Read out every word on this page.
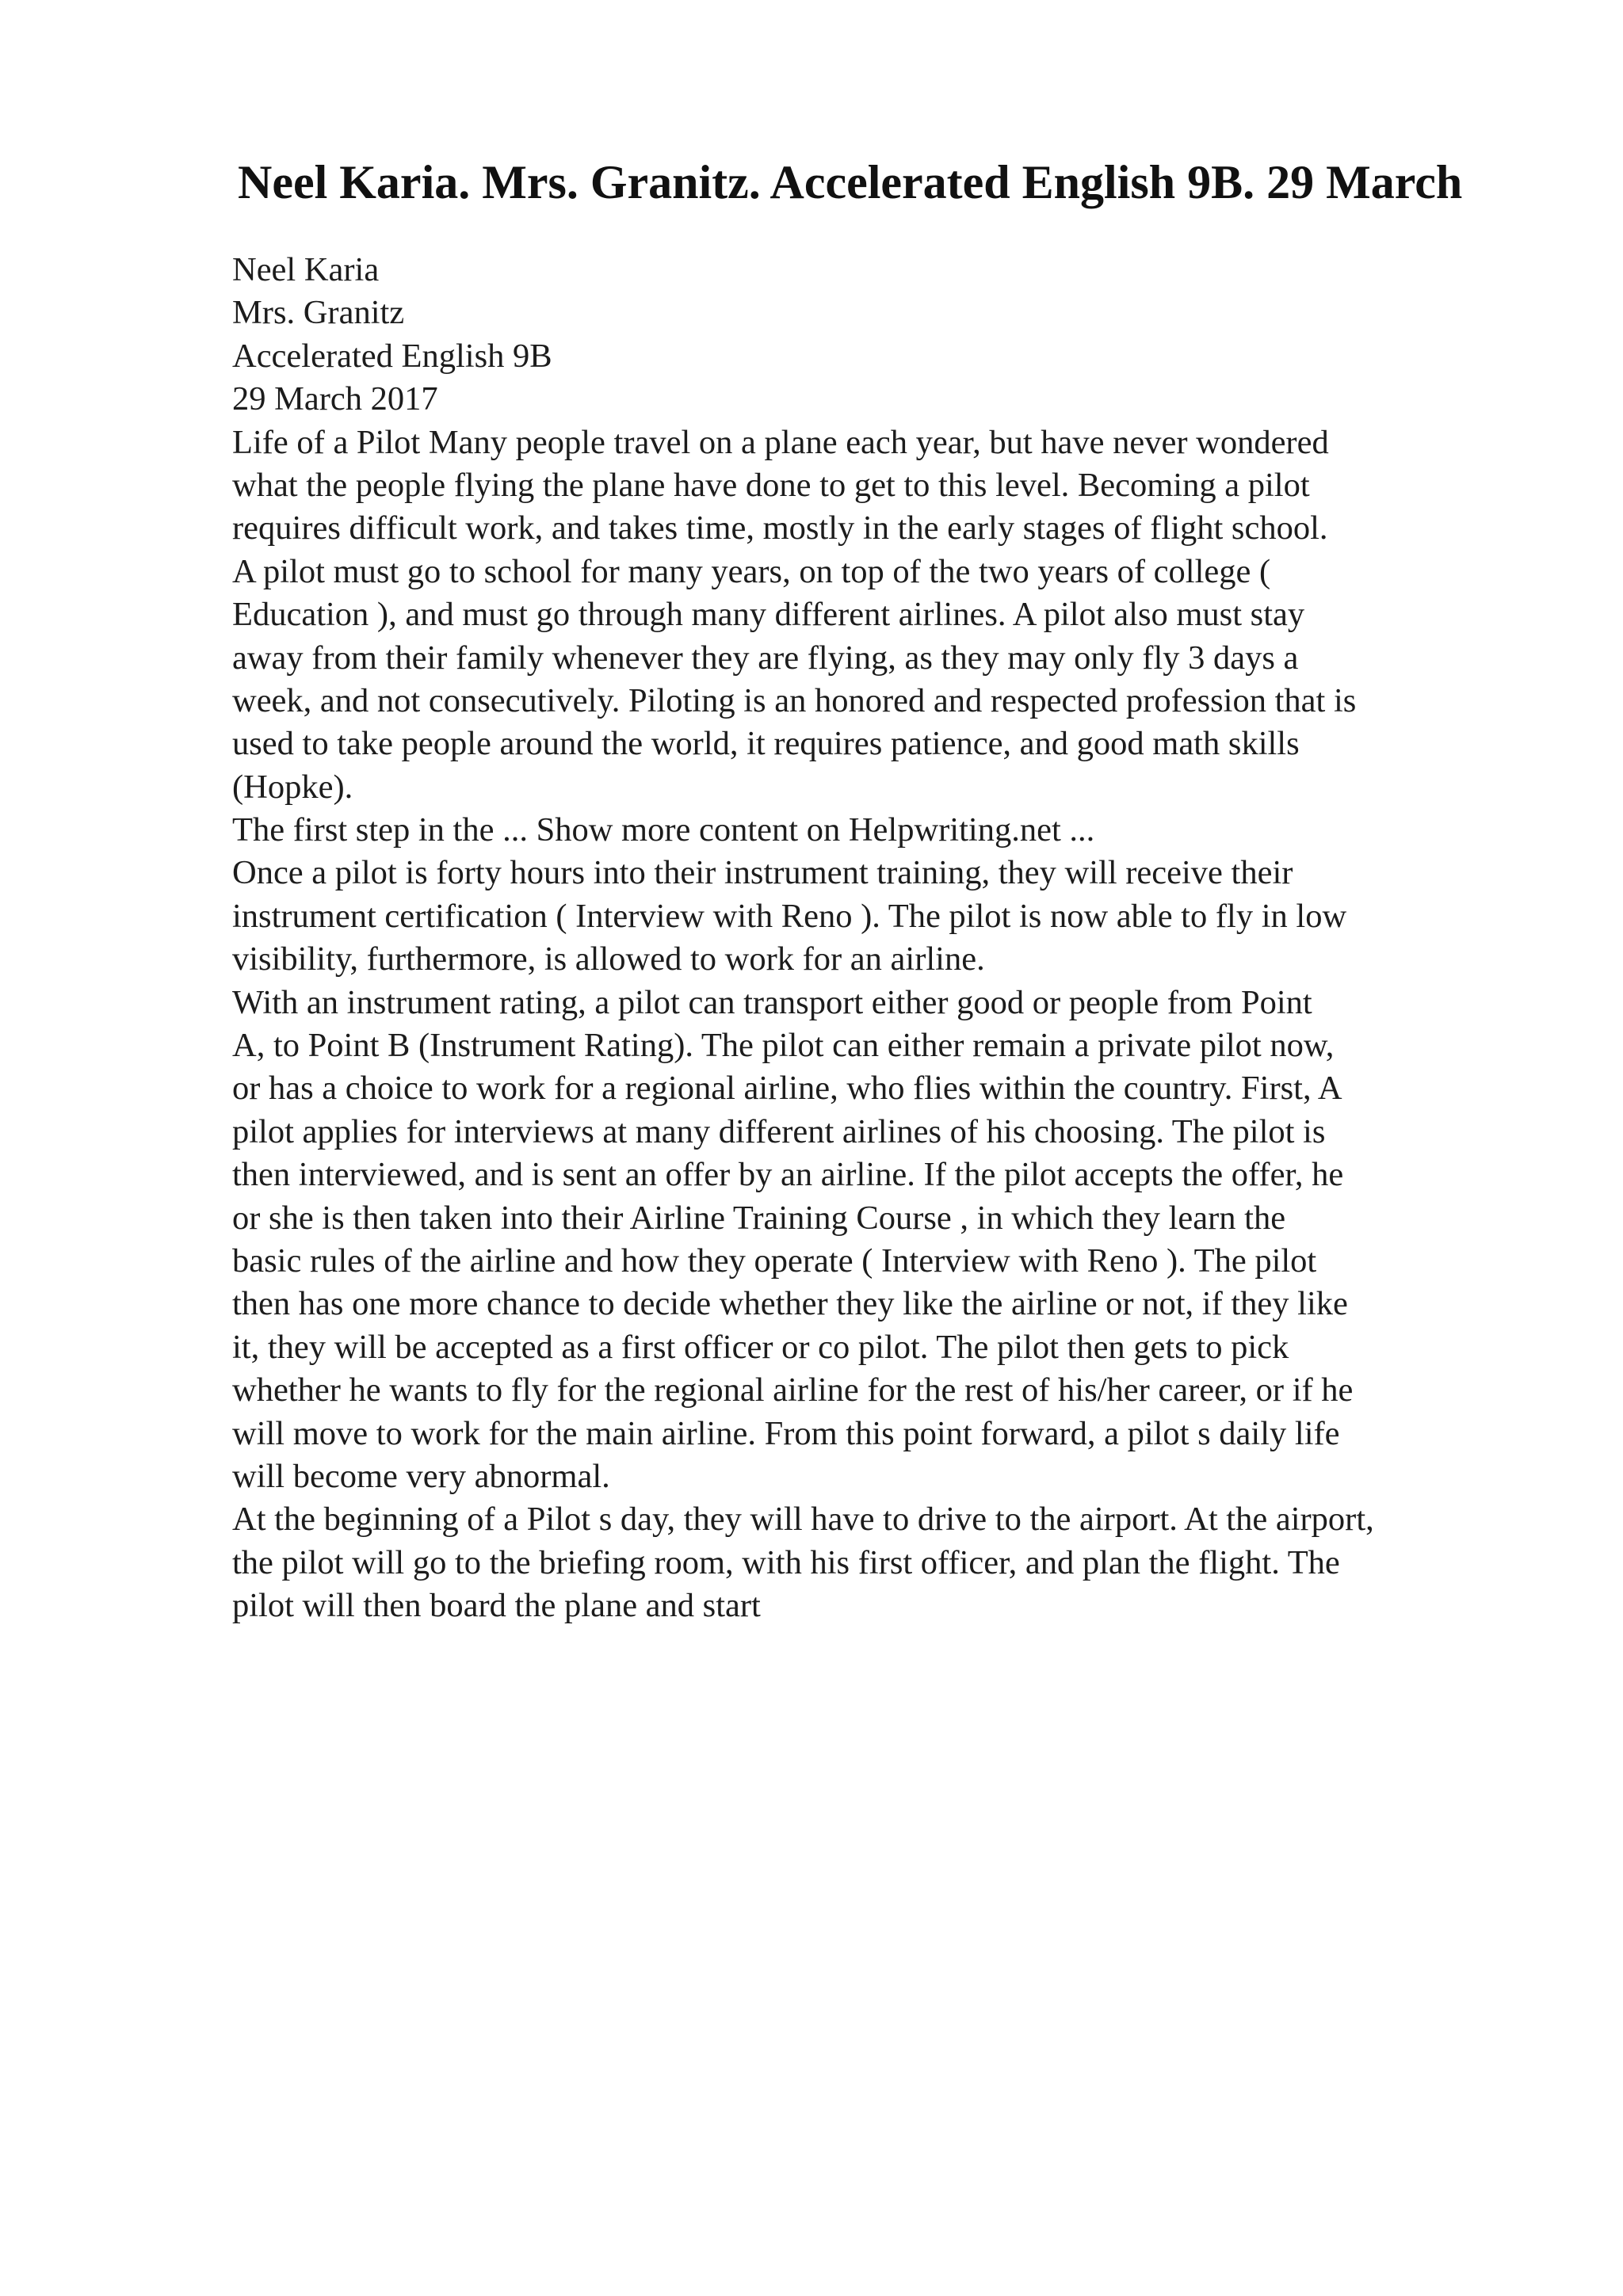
Neel Karia. Mrs. Granitz. Accelerated English 9B. 29 March
Neel Karia
Mrs. Granitz
Accelerated English 9B
29 March 2017
Life of a Pilot Many people travel on a plane each year, but have never wondered
what the people flying the plane have done to get to this level. Becoming a pilot
requires difficult work, and takes time, mostly in the early stages of flight school.
A pilot must go to school for many years, on top of the two years of college (
Education ), and must go through many different airlines. A pilot also must stay
away from their family whenever they are flying, as they may only fly 3 days a
week, and not consecutively. Piloting is an honored and respected profession that is
used to take people around the world, it requires patience, and good math skills
(Hopke).
The first step in the ... Show more content on Helpwriting.net ...
Once a pilot is forty hours into their instrument training, they will receive their
instrument certification ( Interview with Reno ). The pilot is now able to fly in low
visibility, furthermore, is allowed to work for an airline.
With an instrument rating, a pilot can transport either good or people from Point
A, to Point B (Instrument Rating). The pilot can either remain a private pilot now,
or has a choice to work for a regional airline, who flies within the country. First, A
pilot applies for interviews at many different airlines of his choosing. The pilot is
then interviewed, and is sent an offer by an airline. If the pilot accepts the offer, he
or she is then taken into their Airline Training Course , in which they learn the
basic rules of the airline and how they operate ( Interview with Reno ). The pilot
then has one more chance to decide whether they like the airline or not, if they like
it, they will be accepted as a first officer or co pilot. The pilot then gets to pick
whether he wants to fly for the regional airline for the rest of his/her career, or if he
will move to work for the main airline. From this point forward, a pilot s daily life
will become very abnormal.
At the beginning of a Pilot s day, they will have to drive to the airport. At the airport,
the pilot will go to the briefing room, with his first officer, and plan the flight. The
pilot will then board the plane and start
